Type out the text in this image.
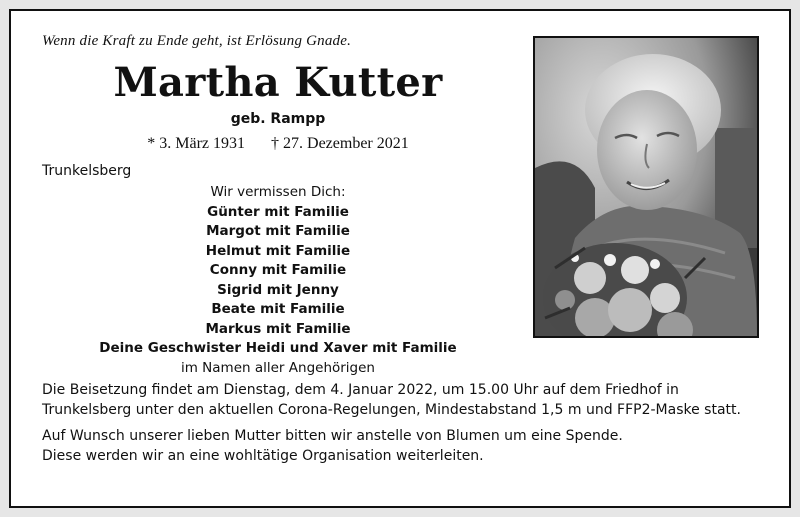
Wenn die Kraft zu Ende geht, ist Erlösung Gnade.
Martha Kutter
geb. Rampp
* 3. März 1931 † 27. Dezember 2021
Trunkelsberg
Wir vermissen Dich:
Günter mit Familie
Margot mit Familie
Helmut mit Familie
Conny mit Familie
Sigrid mit Jenny
Beate mit Familie
Markus mit Familie
Deine Geschwister Heidi und Xaver mit Familie
im Namen aller Angehörigen

Die Beisetzung findet am Dienstag, dem 4. Januar 2022, um 15.00 Uhr auf dem Friedhof in Trunkelsberg unter den aktuellen Corona-Regelungen, Mindestabstand 1,5 m und FFP2-Maske statt.

Auf Wunsch unserer lieben Mutter bitten wir anstelle von Blumen um eine Spende.
Diese werden wir an eine wohltätige Organisation weiterleiten.
